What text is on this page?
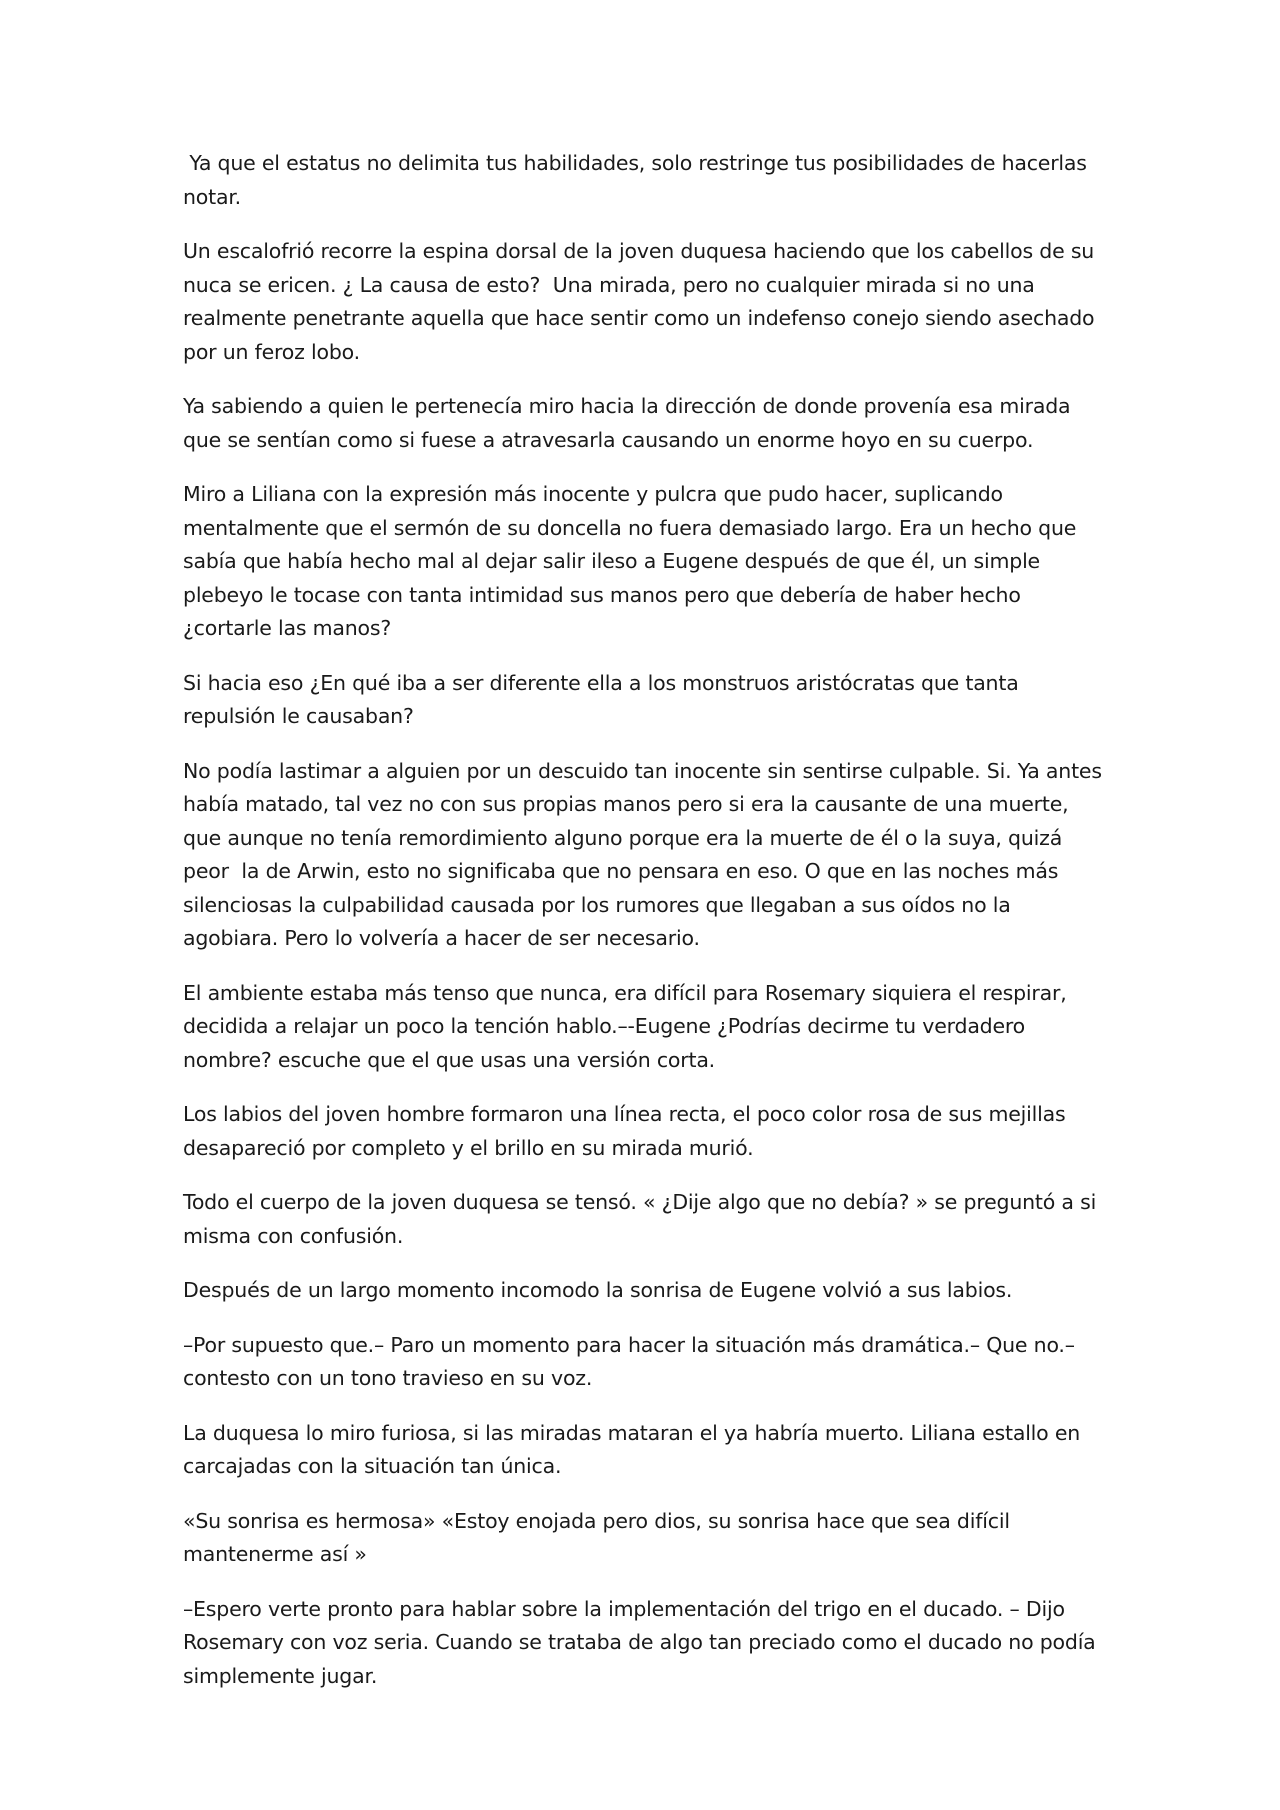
Ya que el estatus no delimita tus habilidades, solo restringe tus posibilidades de hacerlas notar.

Un escalofrió recorre la espina dorsal de la joven duquesa haciendo que los cabellos de su nuca se ericen. ¿ La causa de esto?  Una mirada, pero no cualquier mirada si no una realmente penetrante aquella que hace sentir como un indefenso conejo siendo asechado por un feroz lobo.

Ya sabiendo a quien le pertenecía miro hacia la dirección de donde provenía esa mirada que se sentían como si fuese a atravesarla causando un enorme hoyo en su cuerpo.

Miro a Liliana con la expresión más inocente y pulcra que pudo hacer, suplicando mentalmente que el sermón de su doncella no fuera demasiado largo. Era un hecho que sabía que había hecho mal al dejar salir ileso a Eugene después de que él, un simple plebeyo le tocase con tanta intimidad sus manos pero que debería de haber hecho ¿cortarle las manos?

Si hacia eso ¿En qué iba a ser diferente ella a los monstruos aristócratas que tanta repulsión le causaban?

No podía lastimar a alguien por un descuido tan inocente sin sentirse culpable. Si. Ya antes había matado, tal vez no con sus propias manos pero si era la causante de una muerte, que aunque no tenía remordimiento alguno porque era la muerte de él o la suya, quizá peor  la de Arwin, esto no significaba que no pensara en eso. O que en las noches más silenciosas la culpabilidad causada por los rumores que llegaban a sus oídos no la agobiara. Pero lo volvería a hacer de ser necesario.

El ambiente estaba más tenso que nunca, era difícil para Rosemary siquiera el respirar, decidida a relajar un poco la tención hablo.–-Eugene ¿Podrías decirme tu verdadero nombre? escuche que el que usas una versión corta.

Los labios del joven hombre formaron una línea recta, el poco color rosa de sus mejillas desapareció por completo y el brillo en su mirada murió.

Todo el cuerpo de la joven duquesa se tensó. « ¿Dije algo que no debía? » se preguntó a si misma con confusión.

Después de un largo momento incomodo la sonrisa de Eugene volvió a sus labios.

–Por supuesto que.– Paro un momento para hacer la situación más dramática.– Que no.– contesto con un tono travieso en su voz.

La duquesa lo miro furiosa, si las miradas mataran el ya habría muerto. Liliana estallo en carcajadas con la situación tan única.

«Su sonrisa es hermosa» «Estoy enojada pero dios, su sonrisa hace que sea difícil mantenerme así »

–Espero verte pronto para hablar sobre la implementación del trigo en el ducado. – Dijo Rosemary con voz seria. Cuando se trataba de algo tan preciado como el ducado no podía simplemente jugar.
